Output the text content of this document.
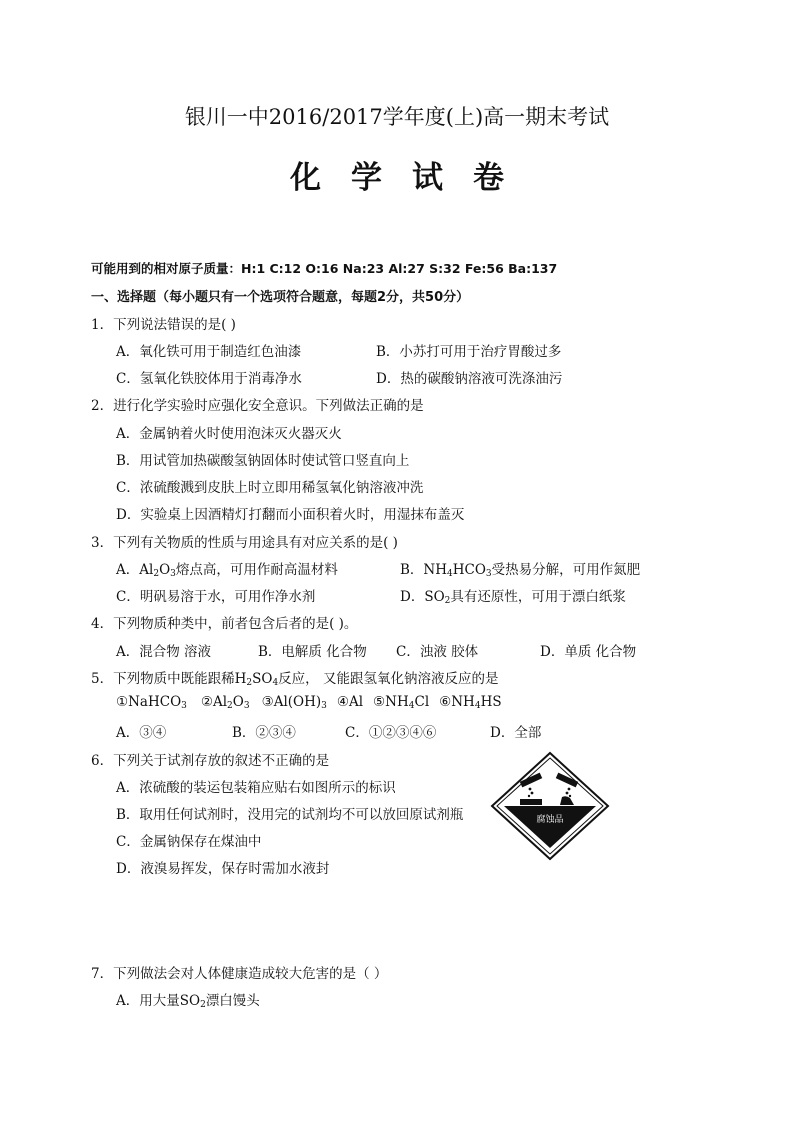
银川一中2016/2017学年度(上)高一期末考试
化学试卷
可能用到的相对原子质量：H:1 C:12 O:16 Na:23 Al:27 S:32 Fe:56 Ba:137
一、选择题（每小题只有一个选项符合题意，每题2分，共50分）
1．下列说法错误的是( )
A．氧化铁可用于制造红色油漆	B．小苏打可用于治疗胃酸过多
C．氢氧化铁胶体用于消毒净水	D．热的碳酸钠溶液可洗涤油污
2．进行化学实验时应强化安全意识。下列做法正确的是
A．金属钠着火时使用泡沫灭火器灭火
B．用试管加热碳酸氢钠固体时使试管口竖直向上
C．浓硫酸溅到皮肤上时立即用稀氢氧化钠溶液冲洗
D．实验桌上因酒精灯打翻而小面积着火时，用湿抹布盖灭
3．下列有关物质的性质与用途具有对应关系的是( )
A．$Al_2O_3$熔点高，可用作耐高温材料	B．$NH_4HCO_3$受热易分解，可用作氮肥
C．明矾易溶于水，可用作净水剂	D．$SO_2$具有还原性，可用于漂白纸浆
4．下列物质种类中，前者包含后者的是( )。
A．混合物 溶液	B．电解质 化合物 C．浊液 胶体	D．单质 化合物
5．下列物质中既能跟稀$H_2SO_4$反应， 又能跟氢氧化钠溶液反应的是
①NaHCO$_3$ $②Al_2O_3$ $③Al(OH)_3$ ④Al $⑤NH_4Cl$ $⑥NH_4HS$
A．③④	B．②③④	C．①②③④⑥	D．全部
6．下列关于试剂存放的叙述不正确的是
A．浓硫酸的装运包装箱应贴右如图所示的标识
B．取用任何试剂时，没用完的试剂均不可以放回原试剂瓶
C．金属钠保存在煤油中
D．液溴易挥发，保存时需加水液封
腐蚀品
7．下列做法会对人体健康造成较大危害的是（ ）
A．用大量$SO_2$漂白馒头
